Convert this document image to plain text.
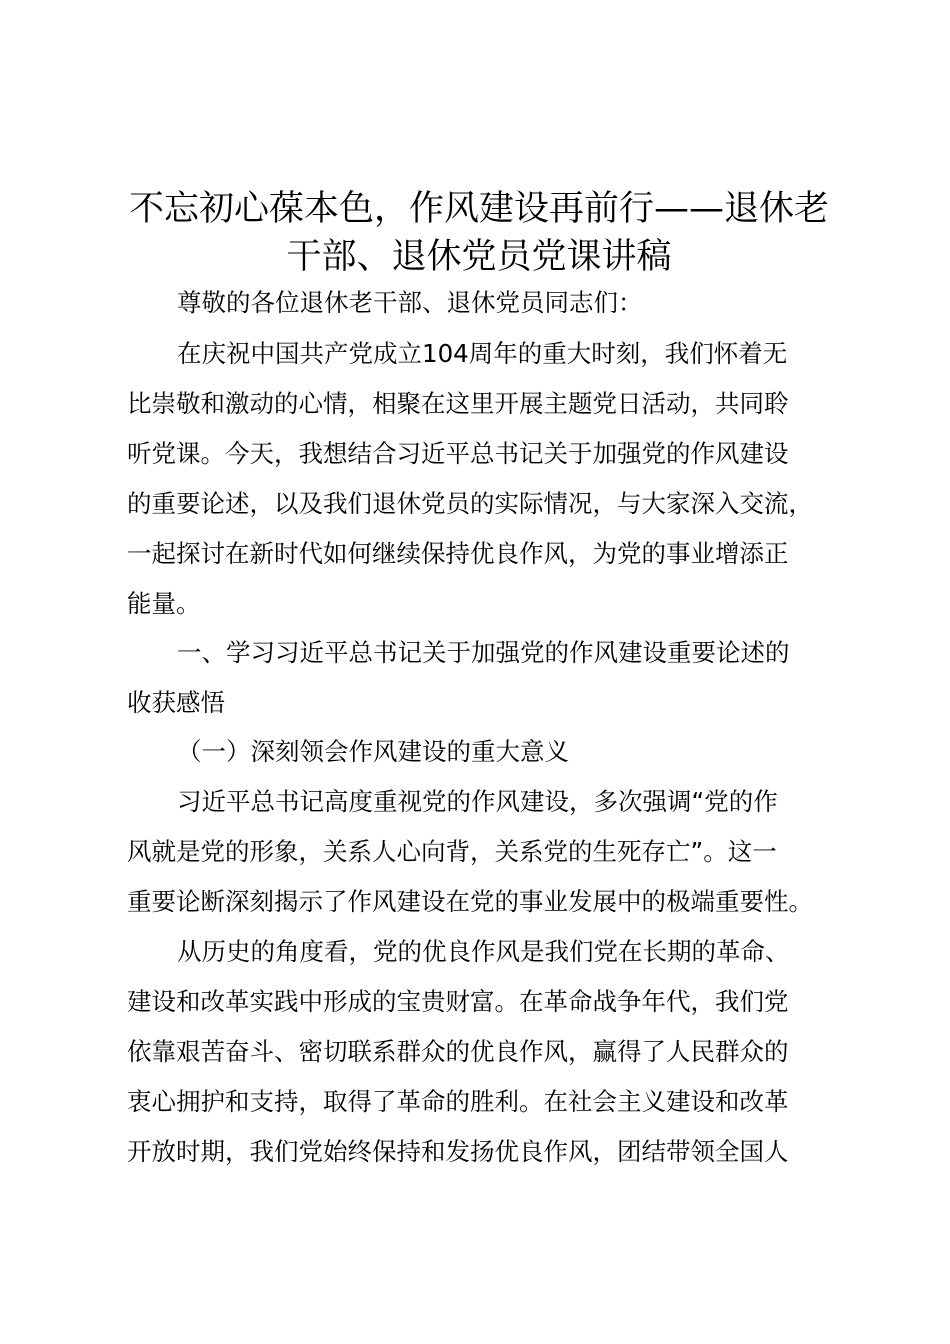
不忘初心葆本色，作风建设再前行——退休老
干部、退休党员党课讲稿
尊敬的各位退休老干部、退休党员同志们：
在庆祝中国共产党成立104周年的重大时刻，我们怀着无
比崇敬和激动的心情，相聚在这里开展主题党日活动，共同聆
听党课。今天，我想结合习近平总书记关于加强党的作风建设
的重要论述，以及我们退休党员的实际情况，与大家深入交流，
一起探讨在新时代如何继续保持优良作风，为党的事业增添正
能量。
一、学习习近平总书记关于加强党的作风建设重要论述的
收获感悟
（一）深刻领会作风建设的重大意义
习近平总书记高度重视党的作风建设，多次强调“党的作
风就是党的形象，关系人心向背，关系党的生死存亡”。这一
重要论断深刻揭示了作风建设在党的事业发展中的极端重要性。
从历史的角度看，党的优良作风是我们党在长期的革命、
建设和改革实践中形成的宝贵财富。在革命战争年代，我们党
依靠艰苦奋斗、密切联系群众的优良作风，赢得了人民群众的
衷心拥护和支持，取得了革命的胜利。在社会主义建设和改革
开放时期，我们党始终保持和发扬优良作风，团结带领全国人
